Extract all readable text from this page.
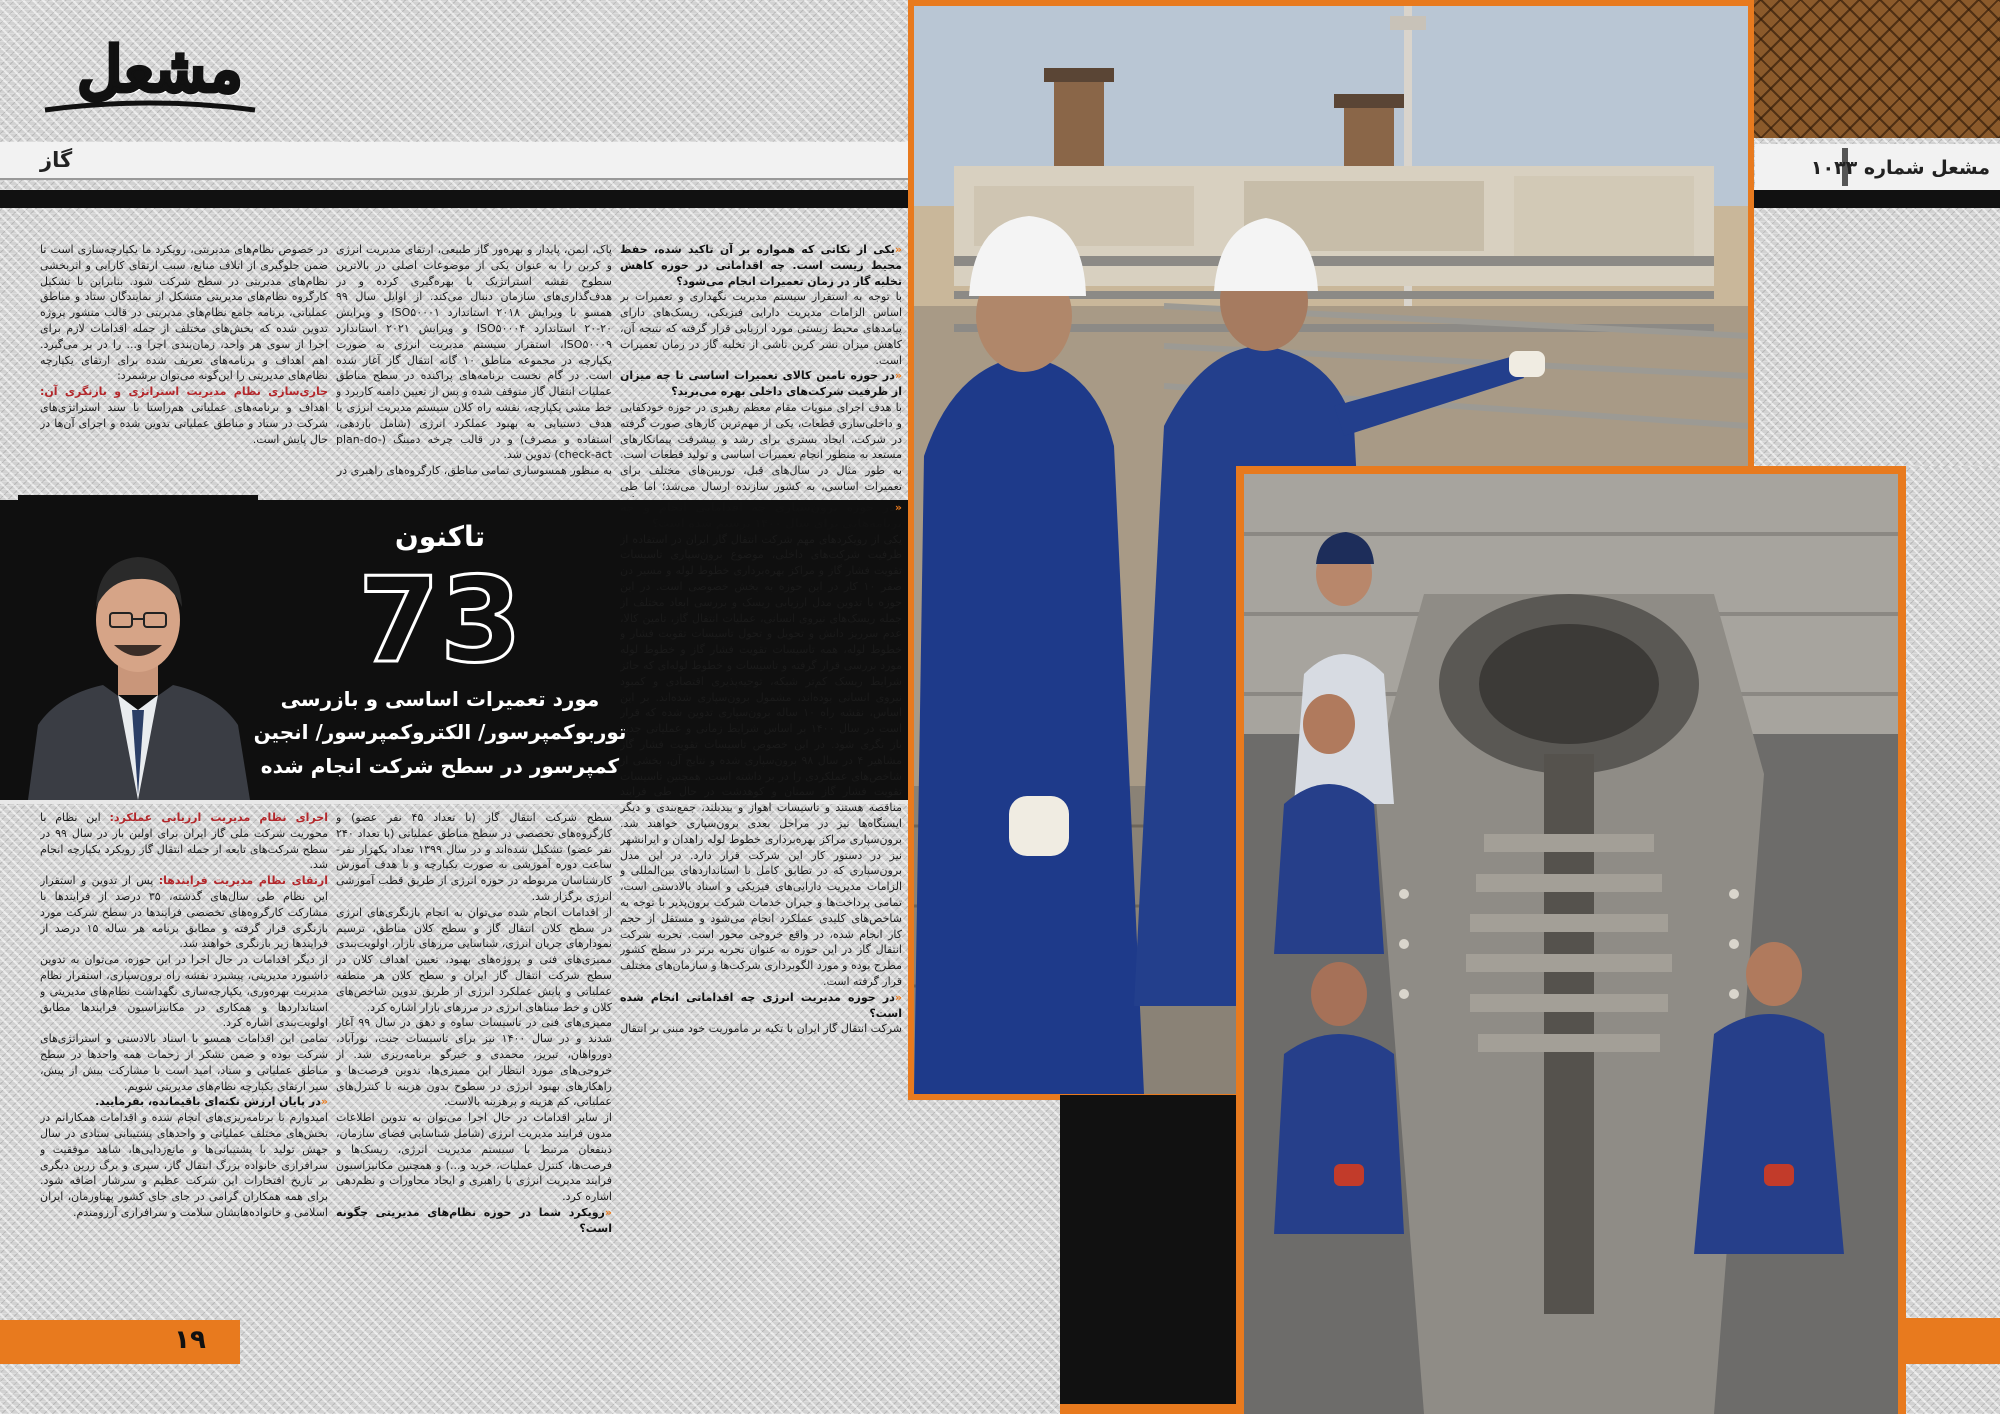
مشعل
گاز

«یکی از نکاتی که همواره بر آن تاکید شده، حفظ محیط زیست است. چه اقداماتی در حوزه کاهش تخلیه گاز در زمان تعمیرات انجام می‌شود؟

با توجه به استقرار سیستم مدیریت نگهداری و تعمیرات بر اساس الزامات مدیریت دارایی فیزیکی، ریسک‌های دارای پیامدهای محیط زیستی مورد ارزیابی قرار گرفته که نتیجه آن، کاهش میزان نشر کربن ناشی از تخلیه گاز در زمان تعمیرات است.

«در حوزه تامین کالای تعمیرات اساسی تا چه میزان از ظرفیت شرکت‌های داخلی بهره می‌برید؟

با هدف اجرای منویات مقام معظم رهبری در حوزه خودکفایی و داخلی‌سازی قطعات، یکی از مهم‌ترین کارهای صورت گرفته در شرکت، ایجاد بستری برای رشد و پیشرفت پیمانکارهای مستعد به منظور انجام تعمیرات اساسی و تولید قطعات است. به طور مثال در سال‌های قبل، توربین‌های مختلف برای تعمیرات اساسی، به کشور سازنده ارسال می‌شد؛ اما طی

پاک، ایمن، پایدار و بهره‌ور گاز طبیعی، ارتقای مدیریت انرژی و کربن را به عنوان یکی از موضوعات اصلی در بالاترین سطوح نقشه استراتژیک با بهره‌گیری کرده و در هدف‌گذاری‌های سازمان دنبال می‌کند. از اوایل سال ۹۹ همسو با ویرایش ۲۰۱۸ استاندارد ISO۵۰۰۰۱ و ویرایش ۲۰-۲۰ استاندارد ISO۵۰۰۰۴ و ویرایش ۲۰۲۱ استاندارد ISO۵۰۰۰۹، استقرار سیستم مدیریت انرژی به صورت یکپارچه در مجموعه مناطق ۱۰ گانه انتقال گاز آغاز شده است. در گام نخست برنامه‌های پراکنده در سطح مناطق عملیات انتقال گاز متوقف شده و پس از تعیین دامنه کاربرد و خط مشی یکپارچه، نقشه راه کلان سیستم مدیریت انرژی با هدف دستیابی به بهبود عملکرد انرژی (شامل بازدهی، استفاده و مصرف) و در قالب چرخه دمینگ (plan-do-check-act) تدوین شد.

به منظور همسوسازی تمامی مناطق، کارگروه‌های راهبری در

در خصوص نظام‌های مدیریتی، رویکرد ما یکپارچه‌سازی است تا ضمن جلوگیری از اتلاف منابع، سبب ارتقای کارایی و اثربخشی نظام‌های مدیریتی در سطح شرکت شود. بنابراین با تشکیل کارگروه نظام‌های مدیریتی متشکل از نمایندگان ستاد و مناطق عملیاتی، برنامه جامع نظام‌های مدیریتی در قالب منشور پروژه تدوین شده که بخش‌های مختلف از جمله اقدامات لازم برای اجرا از سوی هر واحد، زمان‌بندی اجرا و... را در بر می‌گیرد. اهم اهداف و برنامه‌های تعریف شده برای ارتقای یکپارچه نظام‌های مدیریتی را این‌گونه می‌توان برشمرد:

جاری‌سازی نظام مدیریت استراتژی و بازنگری آن: اهداف و برنامه‌های عملیاتی هم‌راستا با سند استراتژی‌های شرکت در ستاد و مناطق عملیاتی تدوین شده و اجرای آن‌ها در حال پایش است.

تاکنون
73
مورد تعمیرات اساسی و بازرسی
توربوکمپرسور/ الکتروکمپرسور/ انجین
کمپرسور در سطح شرکت انجام شده

اجرای نظام مدیریت ارزیابی عملکرد: این نظام با محوریت شرکت ملی گاز ایران برای اولین بار در سال ۹۹ در سطح شرکت‌های تابعه از جمله انتقال گاز رویکرد یکپارچه انجام شد.

ارتقای نظام مدیریت فرایندها: پس از تدوین و استقرار این نظام طی سال‌های گذشته، ۳۵ درصد از فرایندها با مشارکت کارگروه‌های تخصصی فرایندها در سطح شرکت مورد بازنگری قرار گرفته و مطابق برنامه هر ساله ۱۵ درصد از فرایند‌ها زیر بازنگری خواهند شد.

از دیگر اقدامات در حال اجرا در این حوزه، می‌توان به تدوین داشبورد مدیریتی، پیشبرد نقشه راه برون‌سپاری، استقرار نظام مدیریت بهره‌وری، یکپارچه‌سازی نگهداشت نظام‌های مدیریتی و استانداردها و همکاری در مکانیزاسیون فرایندها مطابق اولویت‌بندی اشاره کرد.

تمامی این اقدامات همسو با اسناد بالادستی و استراتژی‌های شرکت بوده و ضمن تشکر از زحمات همه واحدها در سطح مناطق عملیاتی و ستاد، امید است با مشارکت بیش از پیش، سیر ارتقای یکپارچه نظام‌های مدیریتی شویم.

«در پایان ارزش نکته‌ای باقیمانده، بفرمایید.

امیدوارم با برنامه‌ریزی‌های انجام شده و اقدامات همکارانم در بخش‌های مختلف عملیاتی و واحدهای پشتیبانی ستادی در سال جهش تولید با پشتیبانی‌ها و مانع‌زدایی‌ها، شاهد موفقیت و سرافرازی خانواده بزرگ انتقال گاز، سپری و برگ زرین دیگری بر تاریخ افتخارات این شرکت عظیم و سرشار اضافه شود. برای همه همکاران گرامی در جای جای کشور پهناورمان، ایران اسلامی و خانواده‌هایشان سلامت و سرافرازی آرزومندم.

سطح شرکت انتقال گاز (با تعداد ۴۵ نفر عضو) و کارگروه‌های تخصصی در سطح مناطق عملیاتی (با تعداد ۲۴۰ نفر عضو) تشکیل شده‌اند و در سال ۱۳۹۹ تعداد یکهزار نفر-ساعت دوره آموزشی به صورت یکپارچه و با هدف آموزش کارشناسان مربوطه در حوزه انرژی از طریق قطب آموزشی انرژی برگزار شد.

از اقدامات انجام شده می‌توان به انجام بازنگری‌های انرژی در سطح کلان انتقال گاز و سطح کلان مناطق، ترسیم نمودارهای جریان انرژی، شناسایی مرزهای بازار، اولویت‌بندی ممیزی‌های فنی و پروژه‌های بهبود، تعیین اهداف کلان در سطح شرکت انتقال گاز ایران و سطح کلان هر منطقه عملیاتی و پایش عملکرد انرژی از طریق تدوین شاخص‌های کلان و خط مبناهای انرژی در مرزهای بازار اشاره کرد.

ممیزی‌های فنی در تاسیسات ساوه و دهق در سال ۹۹ آغاز شدند و در سال ۱۴۰۰ نیز برای تاسیسات جنت، نورآباد، دورواهان، تبریز، محمدی و خیرگو برنامه‌ریزی شد. از خروجی‌های مورد انتظار این ممیزی‌ها، تدوین فرصت‌ها و راهکارهای بهبود انرژی در سطوح بدون هزینه با کنترل‌های عملیاتی، کم هزینه و پرهزینه بالاست.

از سایر اقدامات در حال اجرا می‌توان به تدوین اطلاعات مدون فرایند مدیریت انرژی (شامل شناسایی فضای سازمان، ذینفعان مرتبط با سیستم مدیریت انرژی، ریسک‌ها و فرصت‌ها، کنترل عملیات، خرید و...) و همچنین مکانیزاسیون فرایند مدیریت انرژی با راهبری و ایجاد محاورات و نظم‌دهی اشاره کرد.

«رویکرد شما در حوزه نظام‌های مدیریتی چگونه است؟

«در حوزه برون‌سپاری چه اقداماتی انجام و چه برنامه‌هایی برای سال ۱۴۰۰ ترسیم شده است؟

یکی از رویکردهای مهم شرکت انتقال گاز ایران در استفاده از ظرفیت شرکت‌های داخلی، موضوع برون‌سپاری تاسیسات تقویت فشار گاز و مراکز بهره‌برداری خطوط لوله و مسیر دن صفر ۱۰ کار در این حوزه به بخش خصوصی است. در این حوزه با تدوین مدل ارزیابی ریسک و بررسی ابعاد مختلف از جمله ریسک‌های نیروی انسانی، عملیات انتقال گاز، تامین کالا، عدم سرریز دانش و تحویل و تحول تاسیسات تقویت فشار و خطوط لوله، همه تاسیسات تقویت فشار گاز و خطوط لوله مورد بررسی قرار گرفته و تاسیسات و خطوط لوله‌ای که حائز شرایط ریسک کم‌تر شبکه، توجیه‌پذیری اقتصادی و کمبود نیروی انسانی بوده‌اند، مشمول برون‌سپاری شده‌اند. بر این اساس، نقشه راه ۱۰ ساله برون‌سپاری تدوین شده که قرار است در سال ۱۴۰۰ بر اساس شرایط زمانی و عملیاتی جدید باز نگری شود. در این خصوص تاسیسات تقویت فشار گاز مشاهیر ۴ در سال ۹۸ برون‌سپاری شده و نتایج آن، بخشی از شاخص‌های عملکردی را در بر داشته است. همچنین تاسیسات تقویت فشار گاز سمنان و کوهدشت در حال طی فرایند مناقصه هستند و تاسیسات اهواز و بید‌بلند، جمع‌بندی و دیگر ایستگاه‌ها نیز در مراحل بعدی برون‌سپاری خواهند شد. برون‌سپاری مراکز بهره‌برداری خطوط لوله زاهدان و ایرانشهر نیز در دستور کار این شرکت قرار دارد. در این مدل برون‌سپاری که در تطابق کامل با استانداردهای بین‌المللی و الزامات مدیریت دارایی‌های فیزیکی و اسناد بالادستی است، تمامی پرداخت‌ها و جبران خدمات شرکت برون‌پذیر با توجه به شاخص‌های کلیدی عملکرد انجام می‌شود و مستقل از حجم کار انجام شده، در واقع خروجی محور است. تجربه شرکت انتقال گاز در این حوزه به عنوان تجربه برتر در سطح کشور مطرح بوده و مورد الگوبرداری شرکت‌ها و سازمان‌های مختلف قرار گرفته است.

«در حوزه مدیریت انرژی چه اقداماتی انجام شده است؟

شرکت انتقال گاز ایران با تکیه بر ماموریت خود مبنی بر انتقال

۱۹
مشعل شماره ۱۰۳۳
